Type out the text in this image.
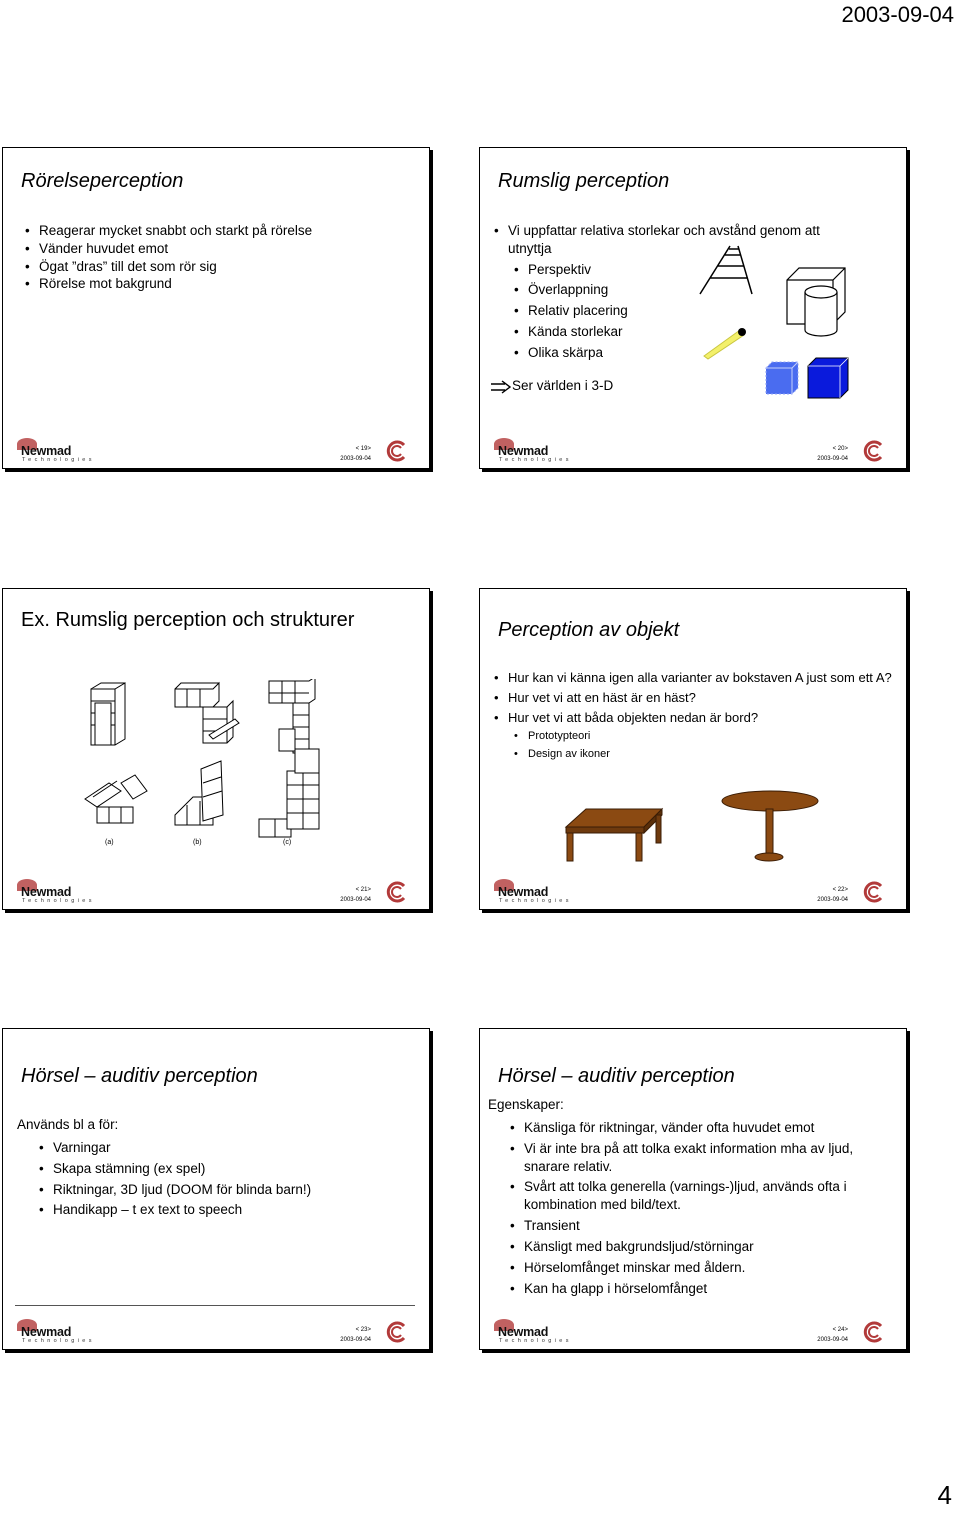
2003-09-04
Rörelseperception
• Reagerar mycket snabbt och starkt på rörelse
• Vänder huvudet emot
• Ögat ”dras” till det som rör sig
• Rörelse mot bakgrund
Newmad
Technologies
< 19>
2003-09-04
Rumslig perception
• Vi uppfattar relativa storlekar och avstånd genom att utnyttja
• Perspektiv
• Överlappning
• Relativ placering
• Kända storlekar
• Olika skärpa
Ser världen i 3-D
Newmad
Technologies
< 20>
2003-09-04
Ex. Rumslig perception och strukturer
(a)	(b)	(c)
Newmad
Technologies
< 21>
2003-09-04
Perception av objekt
• Hur kan vi känna igen alla varianter av bokstaven A just som ett A?
• Hur vet vi att en häst är en häst?
• Hur vet vi att båda objekten nedan är bord?
• Prototypteori
• Design av ikoner
Newmad
Technologies
< 22>
2003-09-04
Hörsel – auditiv perception
Används bl a för:
• Varningar
• Skapa stämning (ex spel)
• Riktningar, 3D ljud (DOOM för blinda barn!)
• Handikapp – t ex text to speech
Newmad
Technologies
< 23>
2003-09-04
Hörsel – auditiv perception
Egenskaper:
• Känsliga för riktningar, vänder ofta huvudet emot
• Vi är inte bra på att tolka exakt information mha av ljud, snarare relativ.
• Svårt att tolka generella (varnings-)ljud, används ofta i kombination med bild/text.
• Transient
• Känsligt med bakgrundsljud/störningar
• Hörselomfånget minskar med åldern.
• Kan ha glapp i hörselomfånget
Newmad
Technologies
< 24>
2003-09-04
4
